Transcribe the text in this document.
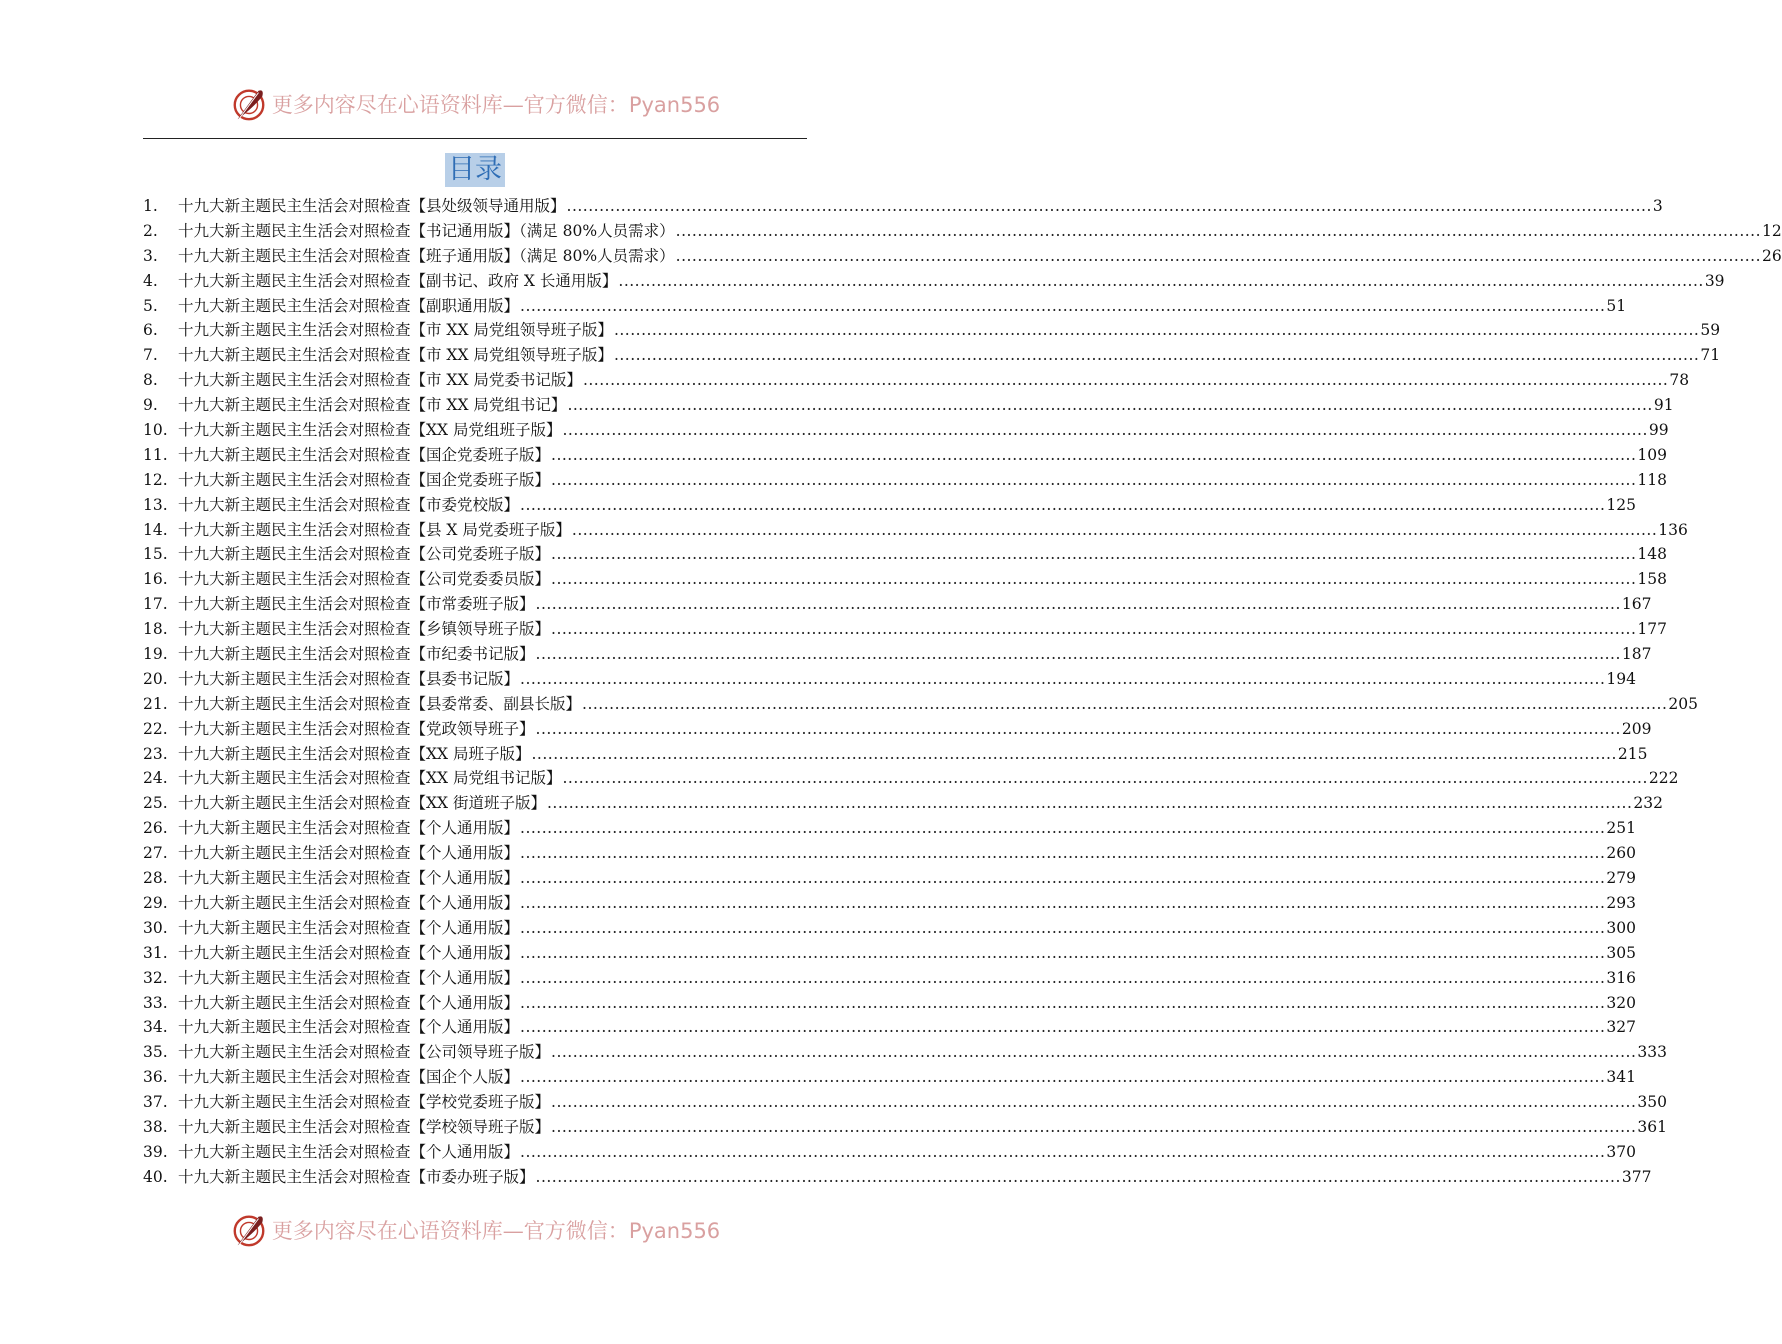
更多内容尽在心语资料库—官方微信：Pyan556
目录
1.	十九大新主题民主生活会对照检查【县处级领导通用版】 ........................................................................................................................................................................................................ 3
2.	十九大新主题民主生活会对照检查【书记通用版】（满足 80%人员需求） ........................................................................................................................................................................................................ 12
3.	十九大新主题民主生活会对照检查【班子通用版】（满足 80%人员需求） ........................................................................................................................................................................................................ 26
4.	十九大新主题民主生活会对照检查【副书记、政府 X 长通用版】 ........................................................................................................................................................................................................ 39
5.	十九大新主题民主生活会对照检查【副职通用版】 ........................................................................................................................................................................................................ 51
6.	十九大新主题民主生活会对照检查【市 XX 局党组领导班子版】 ........................................................................................................................................................................................................ 59
7.	十九大新主题民主生活会对照检查【市 XX 局党组领导班子版】 ........................................................................................................................................................................................................ 71
8.	十九大新主题民主生活会对照检查【市 XX 局党委书记版】 ........................................................................................................................................................................................................ 78
9.	十九大新主题民主生活会对照检查【市 XX 局党组书记】 ........................................................................................................................................................................................................ 91
10. 十九大新主题民主生活会对照检查【XX 局党组班子版】 ........................................................................................................................................................................................................ 99
11. 十九大新主题民主生活会对照检查【国企党委班子版】 ........................................................................................................................................................................................................ 109
12. 十九大新主题民主生活会对照检查【国企党委班子版】 ........................................................................................................................................................................................................ 118
13. 十九大新主题民主生活会对照检查【市委党校版】 ........................................................................................................................................................................................................ 125
14. 十九大新主题民主生活会对照检查【县 X 局党委班子版】 ........................................................................................................................................................................................................ 136
15. 十九大新主题民主生活会对照检查【公司党委班子版】 ........................................................................................................................................................................................................ 148
16. 十九大新主题民主生活会对照检查【公司党委委员版】 ........................................................................................................................................................................................................ 158
17. 十九大新主题民主生活会对照检查【市常委班子版】 ........................................................................................................................................................................................................ 167
18. 十九大新主题民主生活会对照检查【乡镇领导班子版】 ........................................................................................................................................................................................................ 177
19. 十九大新主题民主生活会对照检查【市纪委书记版】 ........................................................................................................................................................................................................ 187
20. 十九大新主题民主生活会对照检查【县委书记版】 ........................................................................................................................................................................................................ 194
21. 十九大新主题民主生活会对照检查【县委常委、副县长版】 ........................................................................................................................................................................................................ 205
22. 十九大新主题民主生活会对照检查【党政领导班子】 ........................................................................................................................................................................................................ 209
23. 十九大新主题民主生活会对照检查【XX 局班子版】 ........................................................................................................................................................................................................ 215
24. 十九大新主题民主生活会对照检查【XX 局党组书记版】 ........................................................................................................................................................................................................ 222
25. 十九大新主题民主生活会对照检查【XX 街道班子版】 ........................................................................................................................................................................................................ 232
26. 十九大新主题民主生活会对照检查【个人通用版】 ........................................................................................................................................................................................................ 251
27. 十九大新主题民主生活会对照检查【个人通用版】 ........................................................................................................................................................................................................ 260
28. 十九大新主题民主生活会对照检查【个人通用版】 ........................................................................................................................................................................................................ 279
29. 十九大新主题民主生活会对照检查【个人通用版】 ........................................................................................................................................................................................................ 293
30. 十九大新主题民主生活会对照检查【个人通用版】 ........................................................................................................................................................................................................ 300
31. 十九大新主题民主生活会对照检查【个人通用版】 ........................................................................................................................................................................................................ 305
32. 十九大新主题民主生活会对照检查【个人通用版】 ........................................................................................................................................................................................................ 316
33. 十九大新主题民主生活会对照检查【个人通用版】 ........................................................................................................................................................................................................ 320
34. 十九大新主题民主生活会对照检查【个人通用版】 ........................................................................................................................................................................................................ 327
35. 十九大新主题民主生活会对照检查【公司领导班子版】 ........................................................................................................................................................................................................ 333
36. 十九大新主题民主生活会对照检查【国企个人版】 ........................................................................................................................................................................................................ 341
37. 十九大新主题民主生活会对照检查【学校党委班子版】 ........................................................................................................................................................................................................ 350
38. 十九大新主题民主生活会对照检查【学校领导班子版】 ........................................................................................................................................................................................................ 361
39. 十九大新主题民主生活会对照检查【个人通用版】 ........................................................................................................................................................................................................ 370
40. 十九大新主题民主生活会对照检查【市委办班子版】 ........................................................................................................................................................................................................ 377
更多内容尽在心语资料库—官方微信：Pyan556
